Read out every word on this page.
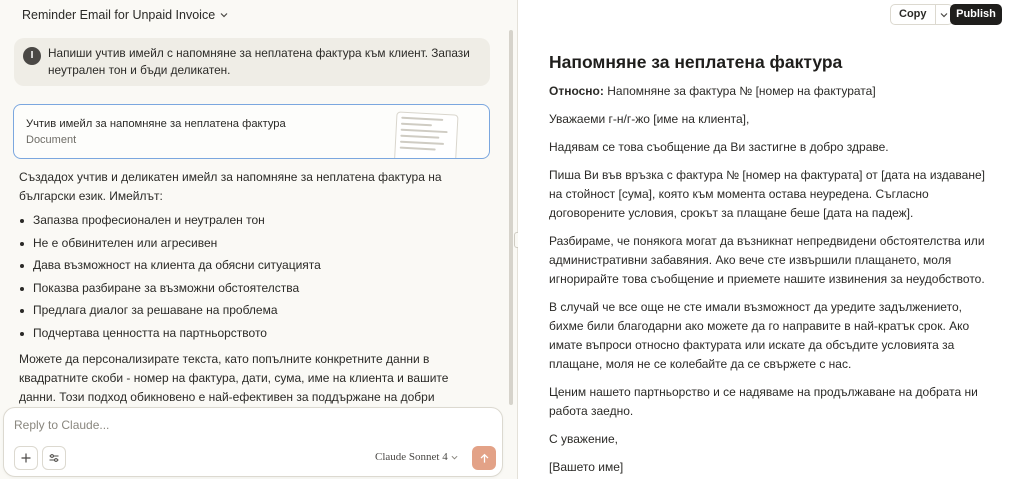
Reminder Email for Unpaid Invoice
I	Напиши учтив имейл с напомняне за неплатена фактура към клиент. Запази неутрален тон и бъди деликатен.
Учтив имейл за напомняне за неплатена фактура
Document

Създадох учтив и деликатен имейл за напомняне за неплатена фактура на български език. Имейлът:

Запазва професионален и неутрален тон
Не е обвинителен или агресивен
Дава възможност на клиента да обясни ситуацията
Показва разбиране за възможни обстоятелства
Предлага диалог за решаване на проблема
Подчертава ценността на партньорството

Можете да персонализирате текста, като попълните конкретните данни в квадратните скоби - номер на фактура, дати, сума, име на клиента и вашите данни. Този подход обикновено е най-ефективен за поддържане на добри

Reply to Claude...
Claude Sonnet 4
Copy	Publish
Напомняне за неплатена фактура

Относно: Напомняне за фактура № [номер на фактурата]

Уважаеми г-н/г-жо [име на клиента],

Надявам се това съобщение да Ви застигне в добро здраве.

Пиша Ви във връзка с фактура № [номер на фактурата] от [дата на издаване] на стойност [сума], която към момента остава неуредена. Съгласно договорените условия, срокът за плащане беше [дата на падеж].

Разбираме, че понякога могат да възникнат непредвидени обстоятелства или административни забавяния. Ако вече сте извършили плащането, моля игнорирайте това съобщение и приемете нашите извинения за неудобството.

В случай че все още не сте имали възможност да уредите задължението, бихме били благодарни ако можете да го направите в най-кратък срок. Ако имате въпроси относно фактурата или искате да обсъдите условията за плащане, моля не се колебайте да се свържете с нас.

Ценим нашето партньорство и се надяваме на продължаване на добрата ни работа заедно.

С уважение,

[Вашето име]
